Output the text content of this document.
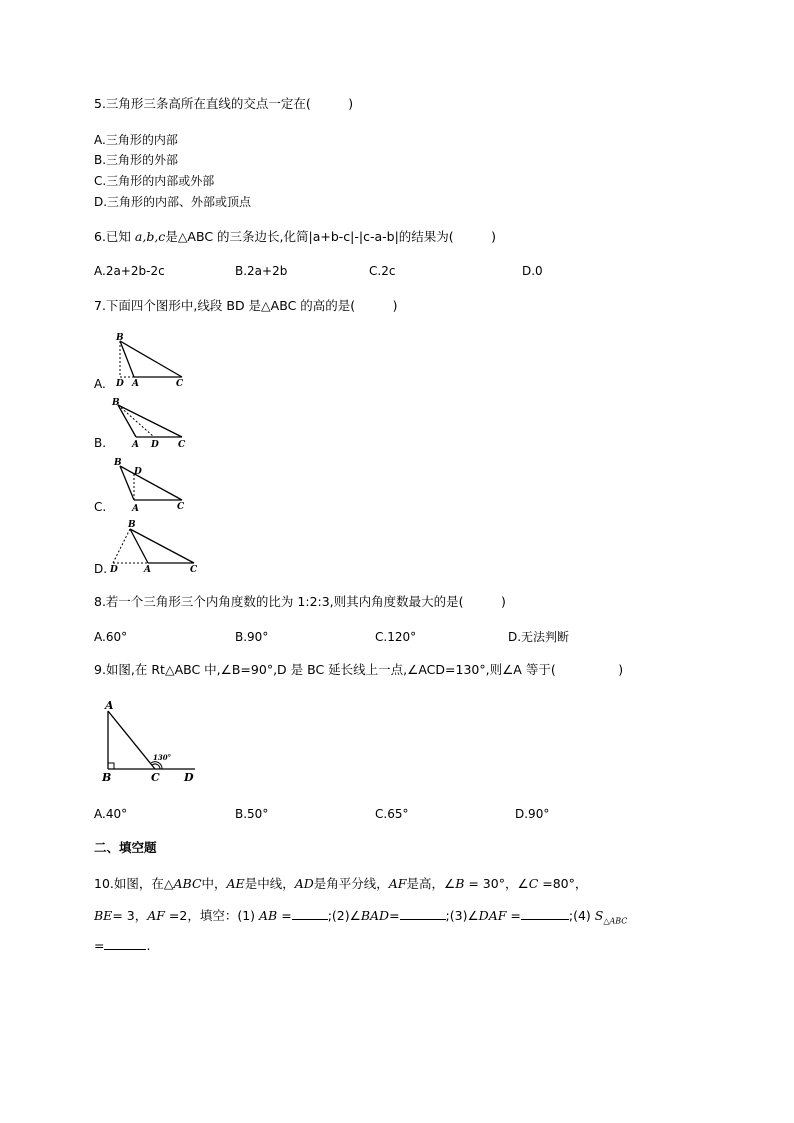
5.三角形三条高所在直线的交点一定在(　　　)
A.三角形的内部
B.三角形的外部
C.三角形的内部或外部
D.三角形的内部、外部或顶点
6.已知 a,b,c是△ABC 的三条边长,化简|a+b-c|-|c-a-b|的结果为(　　　)
A.2a+2b-2c	B.2a+2b	C.2c	D.0
7.下面四个图形中,线段 BD 是△ABC 的高的是(　　　)
A.
B
D A	C
B.
B
A D C
C.
B
D
A	C
D.
B
D	A	C
8.若一个三角形三个内角度数的比为 1:2:3,则其内角度数最大的是(　　　)
A.60°	B.90°	C.120°	D.无法判断
9.如图,在 Rt△ABC 中,∠B=90°,D 是 BC 延长线上一点,∠ACD=130°,则∠A 等于(　　　　　)
A
B	C D
130°
A.40°	B.50°	C.65°	D.90°
二、填空题
10.如图，在△ABC中，AE是中线，AD是角平分线，AF是高，∠B = 30°，∠C =80°，
BE= 3，AF =2，填空：(1) AB =	;(2)∠BAD=	;(3)∠DAF =	;(4) $S_{\triangle ABC}$
=	.
